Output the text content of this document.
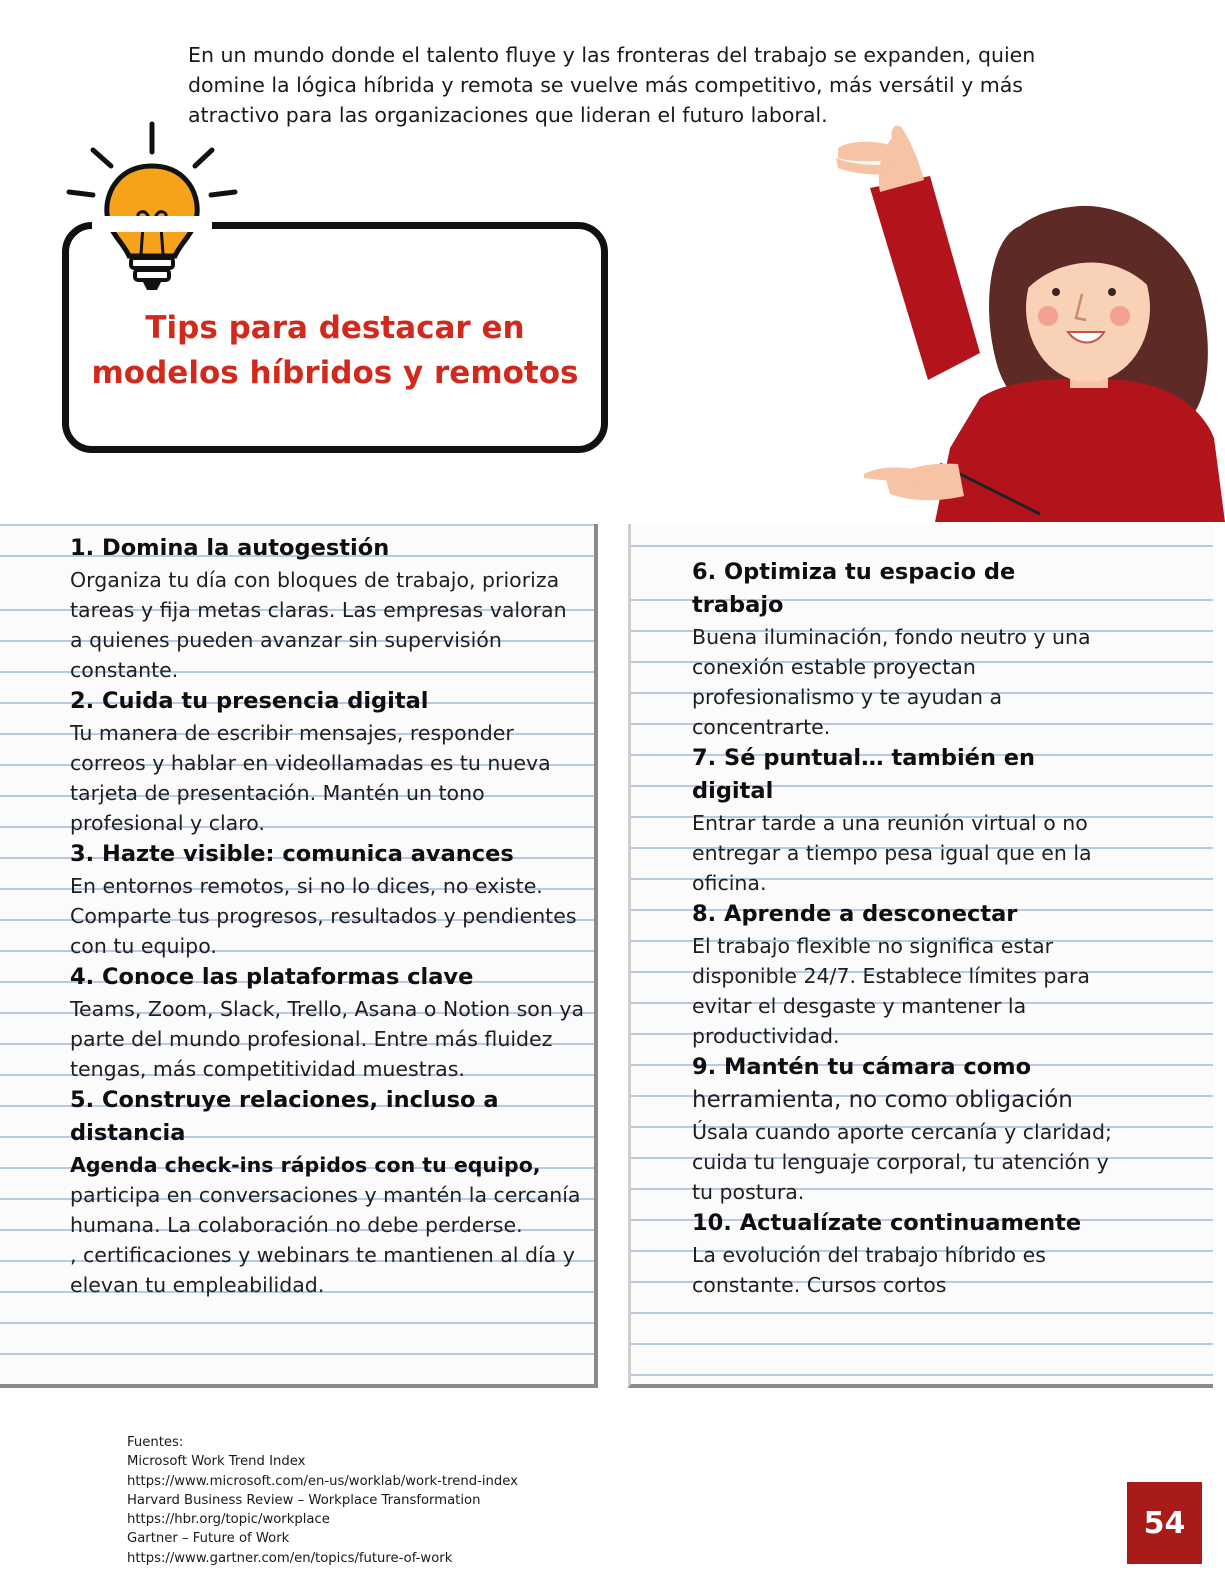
En un mundo donde el talento fluye y las fronteras del trabajo se expanden, quien domine la lógica híbrida y remota se vuelve más competitivo, más versátil y más atractivo para las organizaciones que lideran el futuro laboral.

Tips para destacar en
modelos híbridos y remotos

1. Domina la autogestión

Organiza tu día con bloques de trabajo, prioriza tareas y fija metas claras. Las empresas valoran a quienes pueden avanzar sin supervisión constante.

2. Cuida tu presencia digital

Tu manera de escribir mensajes, responder correos y hablar en videollamadas es tu nueva tarjeta de presentación. Mantén un tono profesional y claro.

3. Hazte visible: comunica avances

En entornos remotos, si no lo dices, no existe. Comparte tus progresos, resultados y pendientes con tu equipo.

4. Conoce las plataformas clave

Teams, Zoom, Slack, Trello, Asana o Notion son ya parte del mundo profesional. Entre más fluidez tengas, más competitividad muestras.

5. Construye relaciones, incluso a distancia

Agenda check-ins rápidos con tu equipo,

participa en conversaciones y mantén la cercanía humana. La colaboración no debe perderse.

, certificaciones y webinars te mantienen al día y elevan tu empleabilidad.

6. Optimiza tu espacio de trabajo

Buena iluminación, fondo neutro y una conexión estable proyectan profesionalismo y te ayudan a concentrarte.

7. Sé puntual… también en digital

Entrar tarde a una reunión virtual o no entregar a tiempo pesa igual que en la oficina.

8. Aprende a desconectar

El trabajo flexible no significa estar disponible 24/7. Establece límites para evitar el desgaste y mantener la productividad.

9. Mantén tu cámara como

herramienta, no como obligación

Úsala cuando aporte cercanía y claridad; cuida tu lenguaje corporal, tu atención y tu postura.

10. Actualízate continuamente

La evolución del trabajo híbrido es constante. Cursos cortos

Fuentes:
Microsoft Work Trend Index
https://www.microsoft.com/en-us/worklab/work-trend-index
Harvard Business Review – Workplace Transformation
https://hbr.org/topic/workplace
Gartner – Future of Work
https://www.gartner.com/en/topics/future-of-work
54
